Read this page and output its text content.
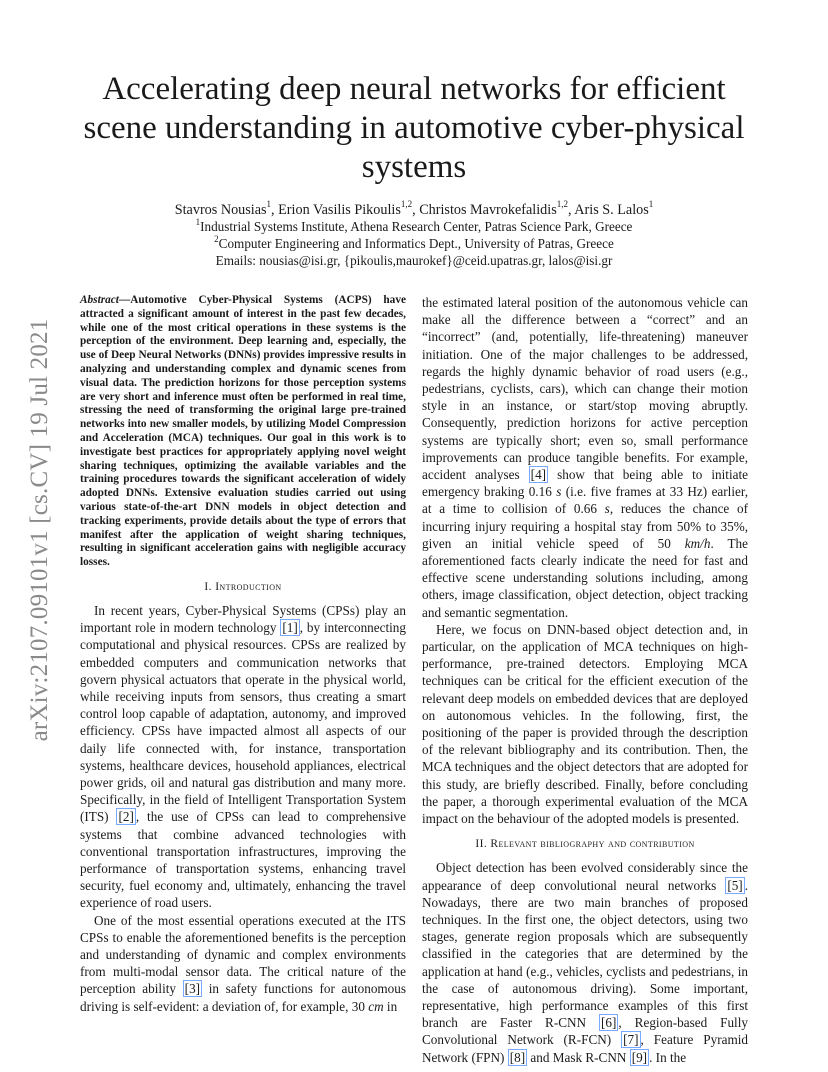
arXiv:2107.09101v1 [cs.CV] 19 Jul 2021
Accelerating deep neural networks for efficient scene understanding in automotive cyber-physical systems
Stavros Nousias$^1$, Erion Vasilis Pikoulis$^{1,2}$, Christos Mavrokefalidis$^{1,2}$, Aris S. Lalos$^1$
$^1$Industrial Systems Institute, Athena Research Center, Patras Science Park, Greece
$^2$Computer Engineering and Informatics Dept., University of Patras, Greece
Emails: nousias@isi.gr, {pikoulis,maurokef}@ceid.upatras.gr, lalos@isi.gr

Abstract—Automotive Cyber-Physical Systems (ACPS) have attracted a significant amount of interest in the past few decades, while one of the most critical operations in these systems is the perception of the environment. Deep learning and, especially, the use of Deep Neural Networks (DNNs) provides impressive results in analyzing and understanding complex and dynamic scenes from visual data. The prediction horizons for those perception systems are very short and inference must often be performed in real time, stressing the need of transforming the original large pre-trained networks into new smaller models, by utilizing Model Compression and Acceleration (MCA) techniques. Our goal in this work is to investigate best practices for appropriately applying novel weight sharing techniques, optimizing the available variables and the training procedures towards the significant acceleration of widely adopted DNNs. Extensive evaluation studies carried out using various state-of-the-art DNN models in object detection and tracking experiments, provide details about the type of errors that manifest after the application of weight sharing techniques, resulting in significant acceleration gains with negligible accuracy losses.

I. Introduction

In recent years, Cyber-Physical Systems (CPSs) play an important role in modern technology [1] , by interconnecting computational and physical resources. CPSs are realized by embedded computers and communication networks that govern physical actuators that operate in the physical world, while receiving inputs from sensors, thus creating a smart control loop capable of adaptation, autonomy, and improved efficiency. CPSs have impacted almost all aspects of our daily life connected with, for instance, transportation systems, healthcare devices, household appliances, electrical power grids, oil and natural gas distribution and many more. Specifically, in the field of Intelligent Transportation System (ITS) [2] , the use of CPSs can lead to comprehensive systems that combine advanced technologies with conventional transportation infrastructures, improving the performance of transportation systems, enhancing travel security, fuel economy and, ultimately, enhancing the travel experience of road users.

One of the most essential operations executed at the ITS CPSs to enable the aforementioned benefits is the perception and understanding of dynamic and complex environments from multi-modal sensor data. The critical nature of the perception ability [3] in safety functions for autonomous driving is self-evident: a deviation of, for example, 30 cm in

the estimated lateral position of the autonomous vehicle can make all the difference between a “correct” and an “incorrect” (and, potentially, life-threatening) maneuver initiation. One of the major challenges to be addressed, regards the highly dynamic behavior of road users (e.g., pedestrians, cyclists, cars), which can change their motion style in an instance, or start/stop moving abruptly. Consequently, prediction horizons for active perception systems are typically short; even so, small performance improvements can produce tangible benefits. For example, accident analyses [4] show that being able to initiate emergency braking 0.16 s (i.e. five frames at 33 Hz) earlier, at a time to collision of 0.66 s, reduces the chance of incurring injury requiring a hospital stay from 50% to 35%, given an initial vehicle speed of 50 km/h. The aforementioned facts clearly indicate the need for fast and effective scene understanding solutions including, among others, image classification, object detection, object tracking and semantic segmentation.

Here, we focus on DNN-based object detection and, in particular, on the application of MCA techniques on high-performance, pre-trained detectors. Employing MCA techniques can be critical for the efficient execution of the relevant deep models on embedded devices that are deployed on autonomous vehicles. In the following, first, the positioning of the paper is provided through the description of the relevant bibliography and its contribution. Then, the MCA techniques and the object detectors that are adopted for this study, are briefly described. Finally, before concluding the paper, a thorough experimental evaluation of the MCA impact on the behaviour of the adopted models is presented.

II. Relevant bibliography and contribution

Object detection has been evolved considerably since the appearance of deep convolutional neural networks [5] . Nowadays, there are two main branches of proposed techniques. In the first one, the object detectors, using two stages, generate region proposals which are subsequently classified in the categories that are determined by the application at hand (e.g., vehicles, cyclists and pedestrians, in the case of autonomous driving). Some important, representative, high performance examples of this first branch are Faster R-CNN [6] , Region-based Fully Convolutional Network (R-FCN) [7] , Feature Pyramid Network (FPN) [8] and Mask R-CNN [9] . In the
